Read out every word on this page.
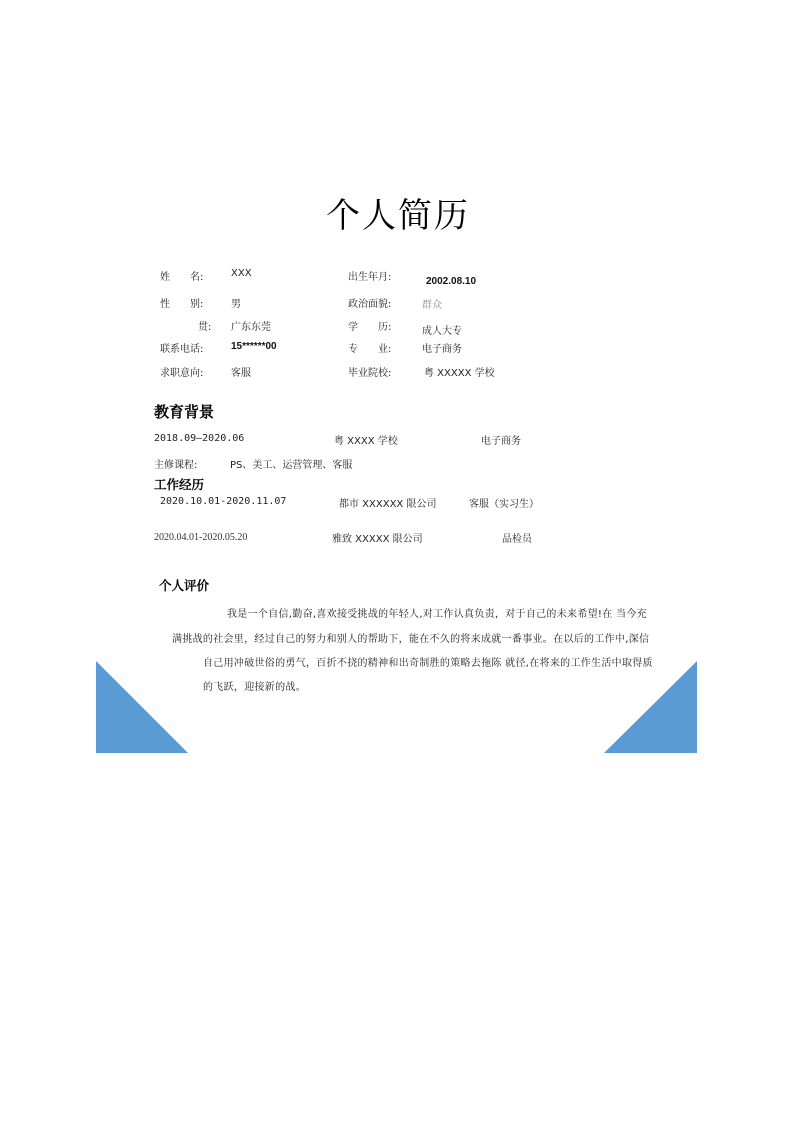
个人简历
姓　　名:	XXX	出生年月:	2002.08.10
性　　别:	男	政治面貌:	群众
贯: 广东东莞	学　　历:	成人大专
联系电话:	15******00	专　　业:	电子商务
求职意向:	客服	毕业院校:	粤 XXXXX 学校
教育背景
2018.09—2020.06	粤 XXXX 学校	电子商务
主修课程:	PS、美工、运营管理、客服
工作经历
2020.10.01-2020.11.07	都市 XXXXXX 限公司	客服（实习生）
2020.04.01-2020.05.20	雅致 XXXXX 限公司	品检员
个人评价
我是一个自信,勤奋,喜欢接受挑战的年轻人,对工作认真负责，对于自己的未来希望!在 当今充
满挑战的社会里，经过自己的努力和别人的帮助下，能在不久的将来成就一番事业。在以后的工作中,深信
自己用冲破世俗的勇气，百折不挠的精神和出奇制胜的策略去拖陈 就径,在将来的工作生活中取得质
的飞跃，迎接新的战。
